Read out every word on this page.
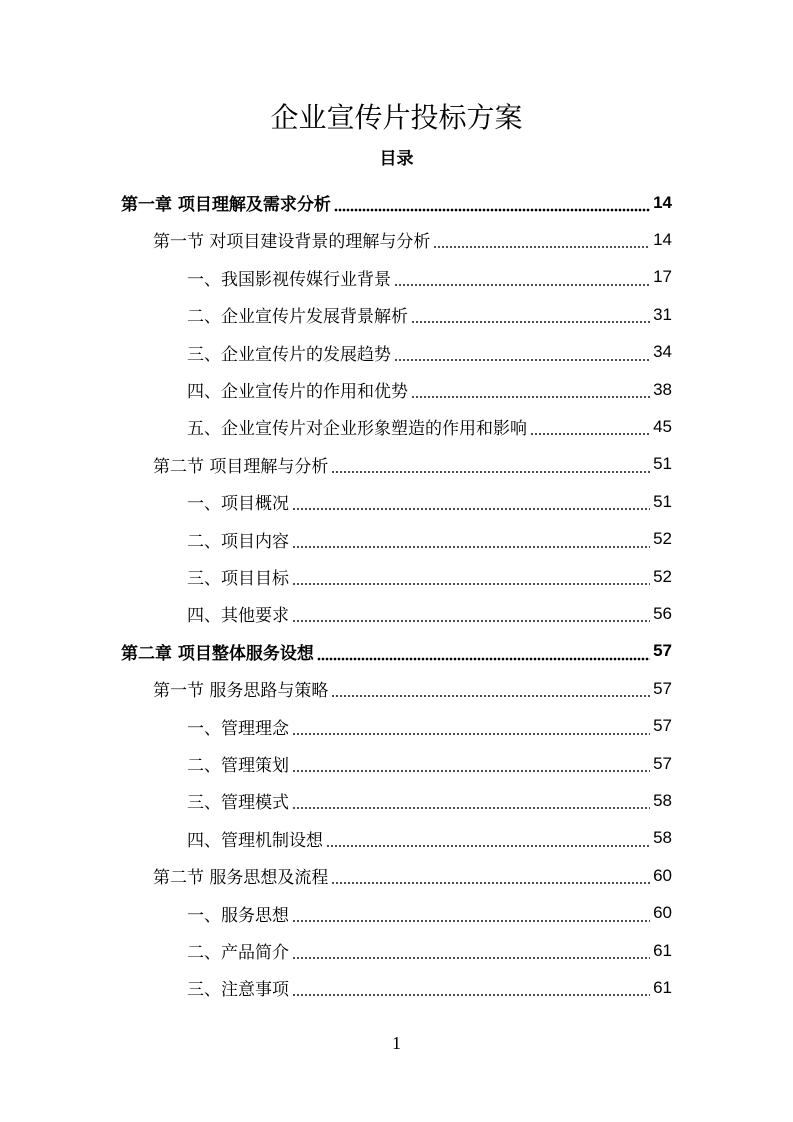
企业宣传片投标方案
目录
第一章 项目理解及需求分析	14
第一节 对项目建设背景的理解与分析	14
一、我国影视传媒行业背景	17
二、企业宣传片发展背景解析	31
三、企业宣传片的发展趋势	34
四、企业宣传片的作用和优势	38
五、企业宣传片对企业形象塑造的作用和影响	45
第二节 项目理解与分析	51
一、项目概况	51
二、项目内容	52
三、项目目标	52
四、其他要求	56
第二章 项目整体服务设想	57
第一节 服务思路与策略	57
一、管理理念	57
二、管理策划	57
三、管理模式	58
四、管理机制设想	58
第二节 服务思想及流程	60
一、服务思想	60
二、产品简介	61
三、注意事项	61
1
